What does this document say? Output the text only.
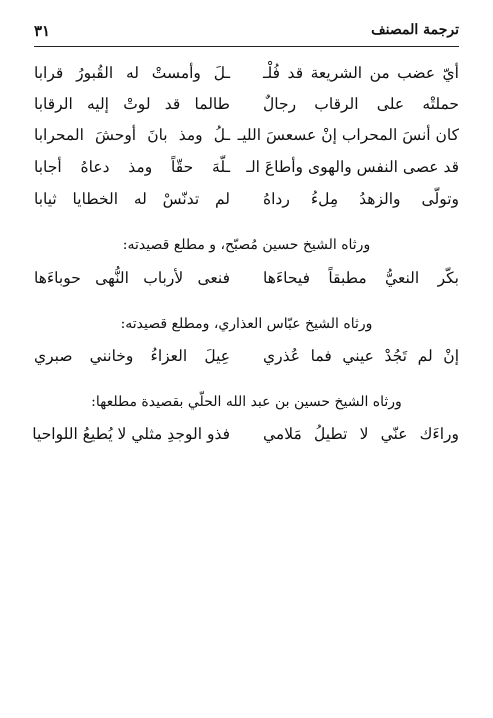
ترجمة المصنف
٣١
أيّ عضب من الشريعة قد فُلْـ
ـلَ وأمستْ له القُبورُ قرابا
حملتْه على الرقاب رجالٌ
طالما قد لوتْ إليه الرقابا
كان أنسَ المحراب إنْ عسعسَ الليـ
ـلُ ومذ بانَ أوحشَ المحرابا
قد عصى النفس والهوى وأطاعَ الـ
ـلّهَ حقّاً ومذ دعاهُ أجابا
وتولّى والزهدُ مِلءُ رداهُ
لم تدنّسْ له الخطايا ثيابا
ورثاه الشيخ حسين مُصبّح، و مطلع قصيدته:
بكّر النعيُّ مطبقاً فيحاءَها
فنعى لأرباب النُّهى حوباءَها
ورثاه الشيخ عبّاس العذاري، ومطلع قصيدته:
إنْ لم تَجُدْ عيني فما عُذري
عِيلَ العزاءُ وخانني صبري
ورثاه الشيخ حسين بن عبد الله الحلّي بقصيدة مطلعها:
وراءَك عنّي لا تطيلُ مَلامي
فذو الوجدِ مثلي لا يُطيعُ اللواحيا
